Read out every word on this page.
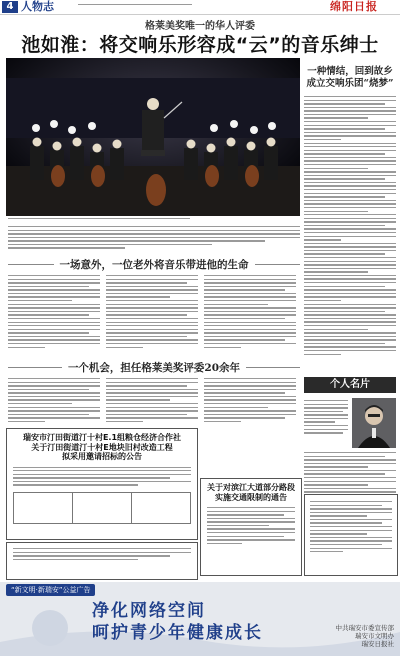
4 人物志	绵阳日报
格莱美奖唯一的华人评委
池如淮：将交响乐形容成“云”的音乐绅士
一种情结，回到故乡
成立交响乐团“烧梦”
一场意外，一位老外将音乐带进他的生命
一个机会，担任格莱美奖评委20余年
个人名片
瑞安市汀田街道汀十村E.1组粮仓经济合作社
关于汀田街道汀十村E地块旧村改造工程
拟采用邀请招标的公告
关于对滨江大道部分路段
实施交通限制的通告
“新文明·新瑞安”公益广告
净化网络空间
呵护青少年健康成长	中共瑞安市委宣传部
瑞安市文明办
瑞安日报社
